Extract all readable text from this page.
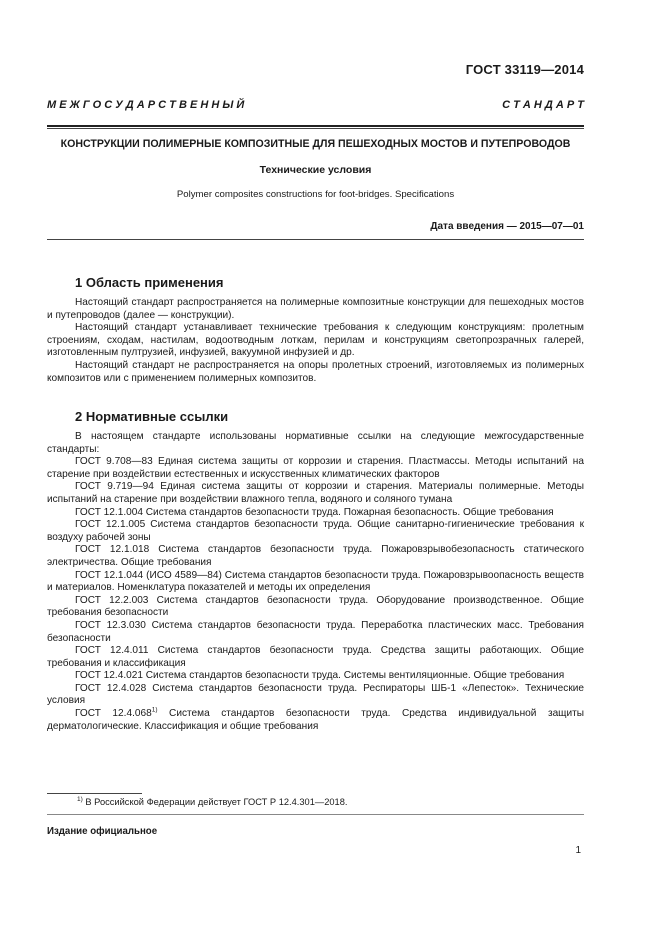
ГОСТ 33119—2014
М Е Ж Г О С У Д А Р С Т В Е Н Н Ы Й	С Т А Н Д А Р Т
КОНСТРУКЦИИ ПОЛИМЕРНЫЕ КОМПОЗИТНЫЕ ДЛЯ ПЕШЕХОДНЫХ МОСТОВ И ПУТЕПРОВОДОВ
Технические условия
Polymer composites constructions for foot-bridges. Specifications
Дата введения — 2015—07—01
1 Область применения

Настоящий стандарт распространяется на полимерные композитные конструкции для пешеходных мостов и путепроводов (далее — конструкции).

Настоящий стандарт устанавливает технические требования к следующим конструкциям: пролетным строениям, сходам, настилам, водоотводным лоткам, перилам и конструкциям светопрозрачных галерей, изготовленным пултрузией, инфузией, вакуумной инфузией и др.

Настоящий стандарт не распространяется на опоры пролетных строений, изготовляемых из полимерных композитов или с применением полимерных композитов.

2 Нормативные ссылки

В настоящем стандарте использованы нормативные ссылки на следующие межгосударственные стандарты:

ГОСТ 9.708—83 Единая система защиты от коррозии и старения. Пластмассы. Методы испытаний на старение при воздействии естественных и искусственных климатических факторов

ГОСТ 9.719—94 Единая система защиты от коррозии и старения. Материалы полимерные. Методы испытаний на старение при воздействии влажного тепла, водяного и соляного тумана

ГОСТ 12.1.004 Система стандартов безопасности труда. Пожарная безопасность. Общие требования

ГОСТ 12.1.005 Система стандартов безопасности труда. Общие санитарно-гигиенические требования к воздуху рабочей зоны

ГОСТ 12.1.018 Система стандартов безопасности труда. Пожаровзрывобезопасность статического электричества. Общие требования

ГОСТ 12.1.044 (ИСО 4589—84) Система стандартов безопасности труда. Пожаровзрывоопасность веществ и материалов. Номенклатура показателей и методы их определения

ГОСТ 12.2.003 Система стандартов безопасности труда. Оборудование производственное. Общие требования безопасности

ГОСТ 12.3.030 Система стандартов безопасности труда. Переработка пластических масс. Требования безопасности

ГОСТ 12.4.011 Система стандартов безопасности труда. Средства защиты работающих. Общие требования и классификация

ГОСТ 12.4.021 Система стандартов безопасности труда. Системы вентиляционные. Общие требования

ГОСТ 12.4.028 Система стандартов безопасности труда. Респираторы ШБ-1 «Лепесток». Технические условия

ГОСТ 12.4.068$^{1)}$ Система стандартов безопасности труда. Средства индивидуальной защиты дерматологические. Классификация и общие требования

$^{1)}$ В Российской Федерации действует ГОСТ Р 12.4.301—2018.
Издание официальное
1
